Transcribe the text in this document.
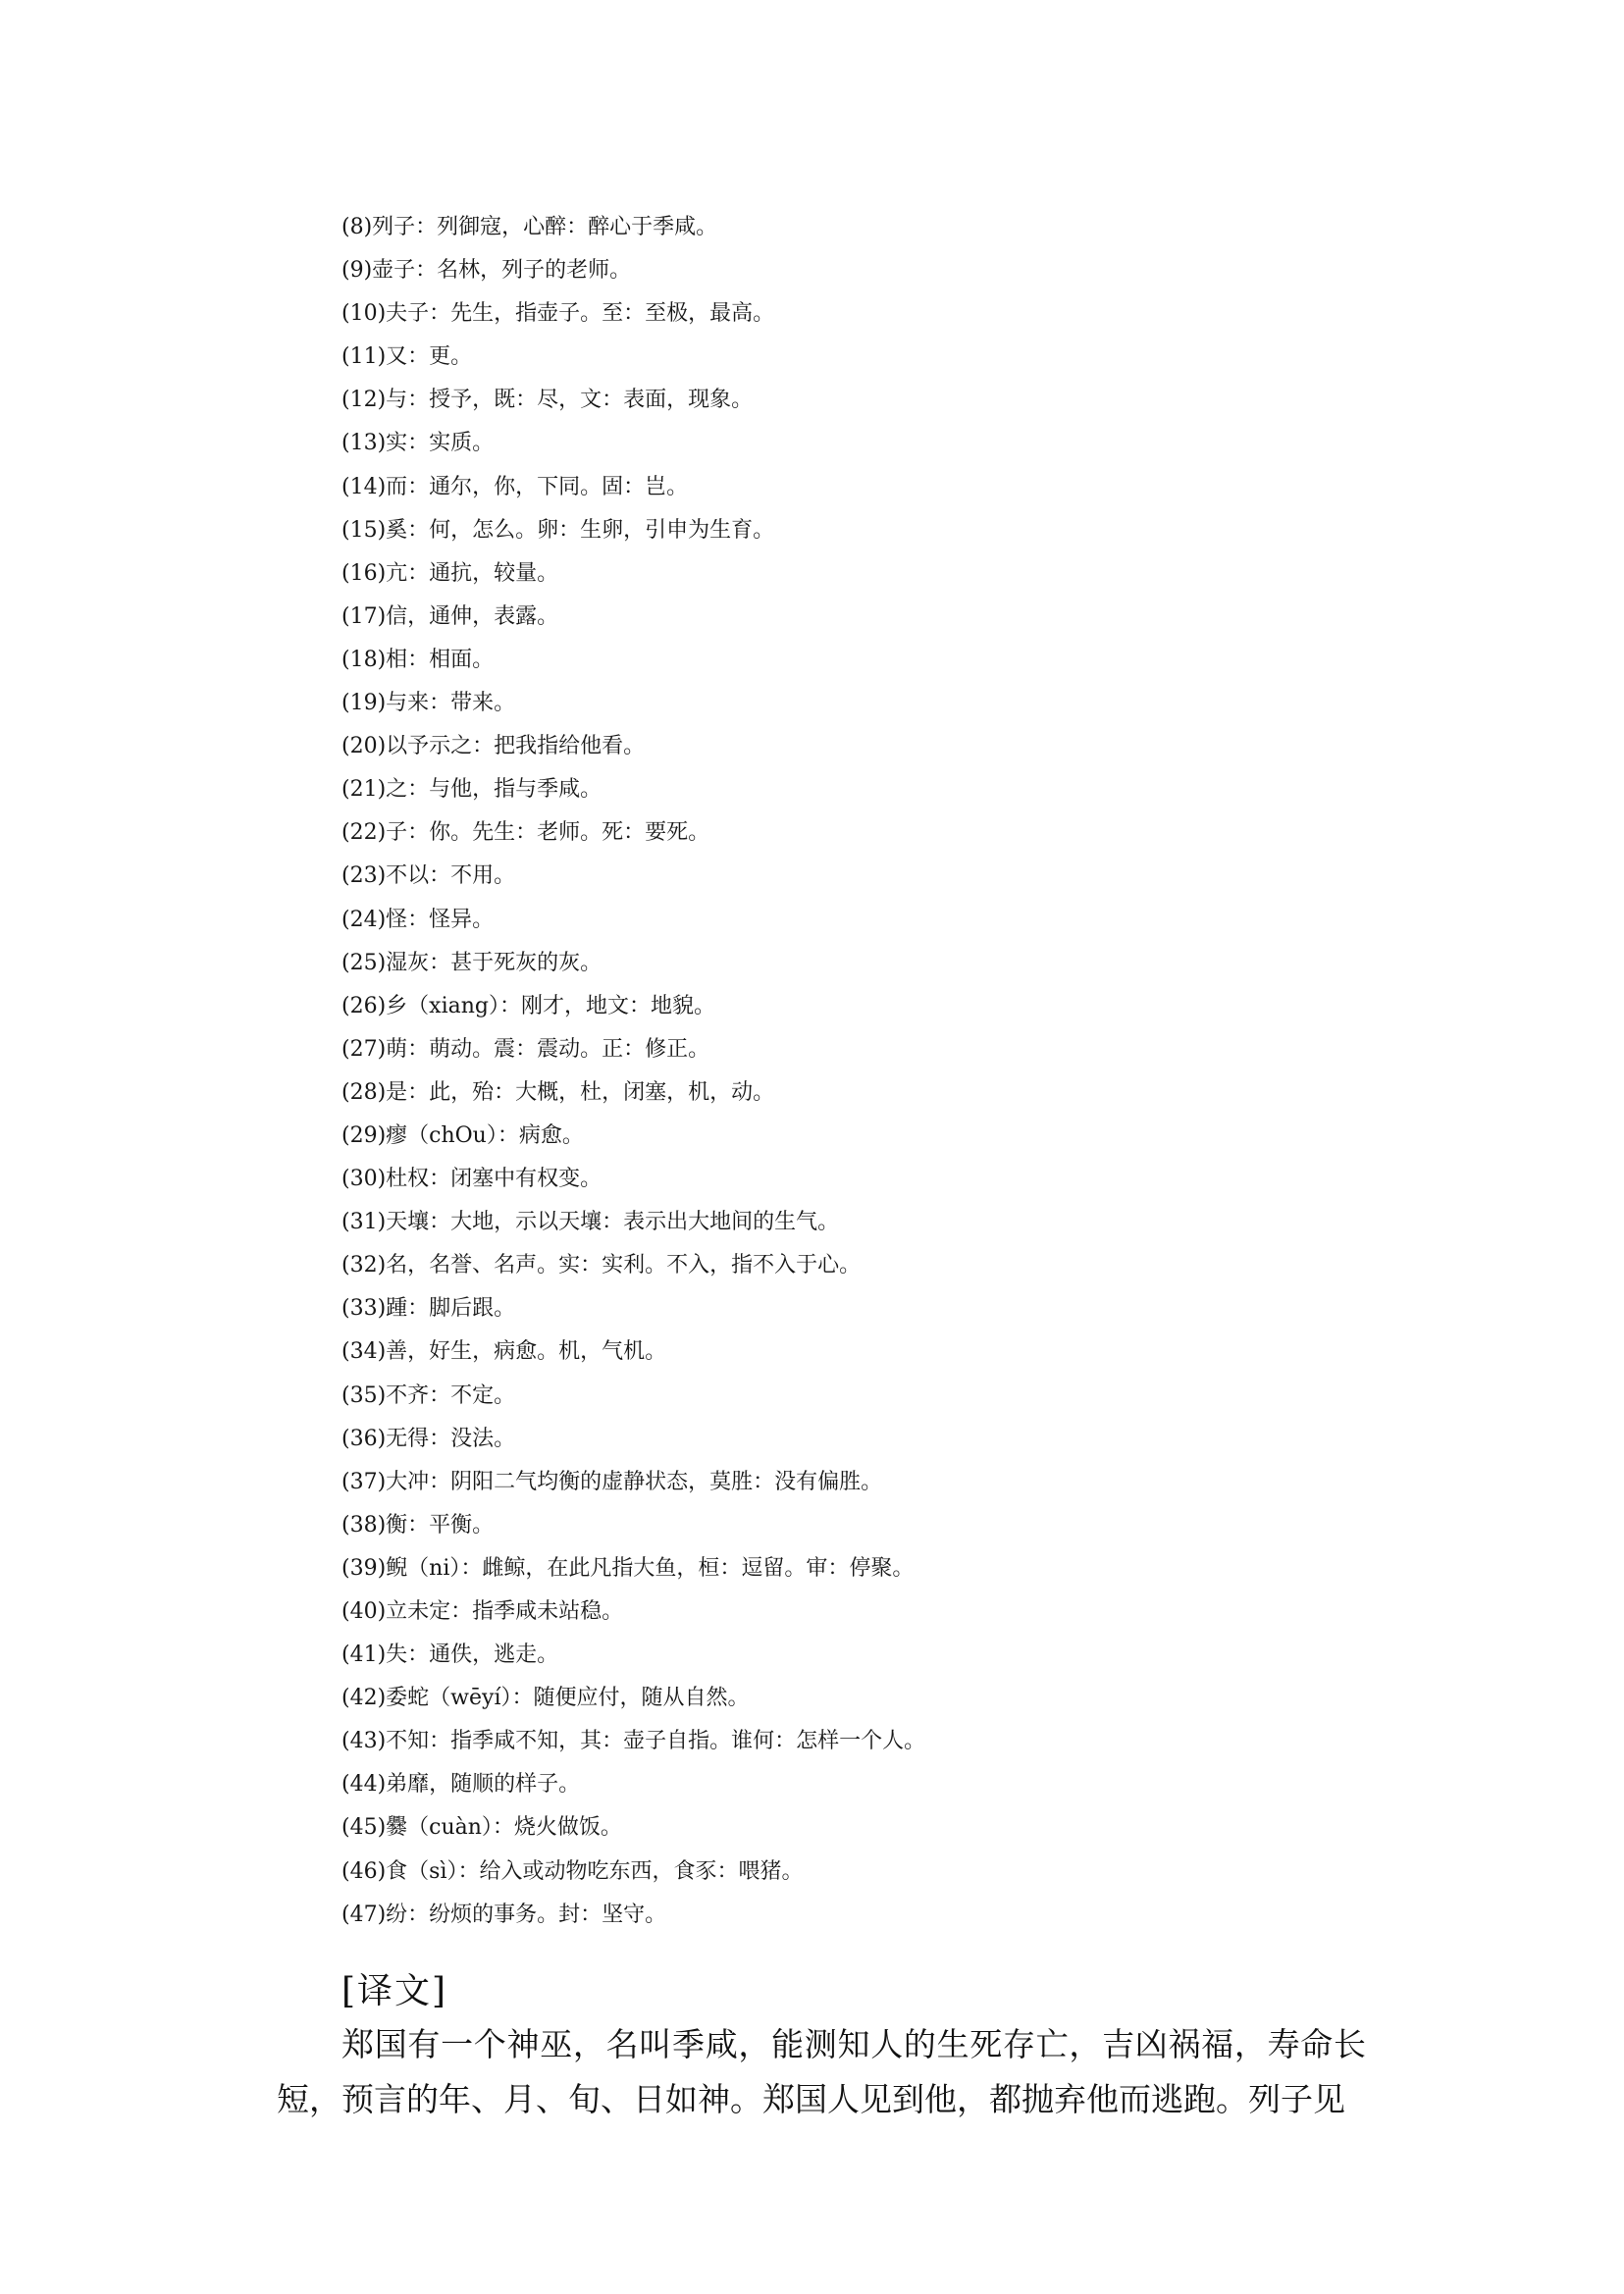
(8)列子：列御寇，心醉：醉心于季咸。
(9)壶子：名林，列子的老师。
(10)夫子：先生，指壶子。至：至极，最高。
(11)又：更。
(12)与：授予，既：尽，文：表面，现象。
(13)实：实质。
(14)而：通尔，你，下同。固：岂。
(15)奚：何，怎么。卵：生卵，引申为生育。
(16)亢：通抗，较量。
(17)信，通伸，表露。
(18)相：相面。
(19)与来：带来。
(20)以予示之：把我指给他看。
(21)之：与他，指与季咸。
(22)子：你。先生：老师。死：要死。
(23)不以：不用。
(24)怪：怪异。
(25)湿灰：甚于死灰的灰。
(26)乡（xiang）：刚才，地文：地貌。
(27)萌：萌动。震：震动。正：修正。
(28)是：此，殆：大概，杜，闭塞，机，动。
(29)瘳（chOu）：病愈。
(30)杜权：闭塞中有权变。
(31)天壤：大地，示以天壤：表示出大地间的生气。
(32)名，名誉、名声。实：实利。不入，指不入于心。
(33)踵：脚后跟。
(34)善，好生，病愈。机，气机。
(35)不齐：不定。
(36)无得：没法。
(37)大冲：阴阳二气均衡的虚静状态，莫胜：没有偏胜。
(38)衡：平衡。
(39)鲵（ni）：雌鲸，在此凡指大鱼，桓：逗留。审：停聚。
(40)立未定：指季咸未站稳。
(41)失：通佚，逃走。
(42)委蛇（wēyí）：随便应付，随从自然。
(43)不知：指季咸不知，其：壶子自指。谁何：怎样一个人。
(44)弟靡，随顺的样子。
(45)爨（cuàn）：烧火做饭。
(46)食（sì）：给入或动物吃东西，食豕：喂猪。
(47)纷：纷烦的事务。封：坚守。
[译文]

郑国有一个神巫，名叫季咸，能测知人的生死存亡，吉凶祸福，寿命长短，预言的年、月、旬、日如神。郑国人见到他，都抛弃他而逃跑。列子见
